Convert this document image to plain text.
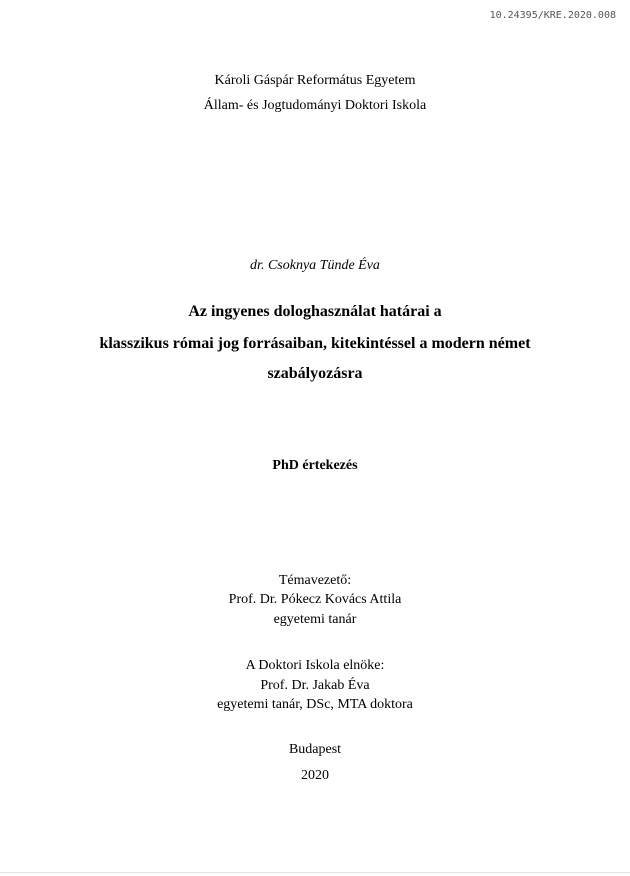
10.24395/KRE.2020.008
Károli Gáspár Református Egyetem
Állam- és Jogtudományi Doktori Iskola
dr. Csoknya Tünde Éva
Az ingyenes dologhasználat határai a
klasszikus római jog forrásaiban, kitekintéssel a modern német
szabályozásra
PhD értekezés
Témavezető:
Prof. Dr. Pókecz Kovács Attila
egyetemi tanár
A Doktori Iskola elnöke:
Prof. Dr. Jakab Éva
egyetemi tanár, DSc, MTA doktora
Budapest
2020
